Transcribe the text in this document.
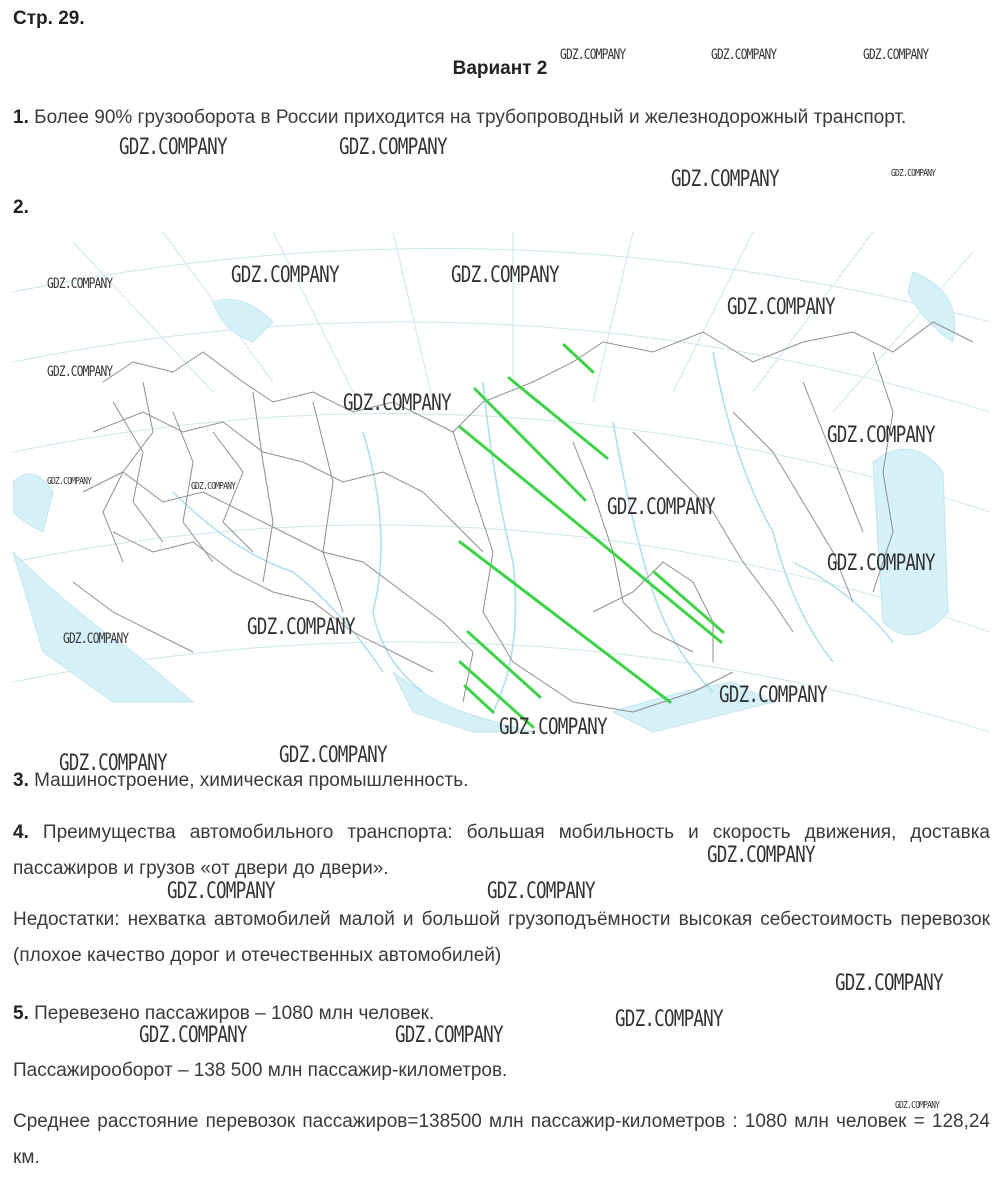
Стр. 29.
Вариант 2
1. Более 90% грузооборота в России приходится на трубопроводный и железнодорожный транспорт.
2.
3. Машиностроение, химическая промышленность.
4. Преимущества автомобильного транспорта: большая мобильность и скорость движения, доставка пассажиров и грузов «от двери до двери».
Недостатки: нехватка автомобилей малой и большой грузоподъёмности высокая себестоимость перевозок (плохое качество дорог и отечественных автомобилей)
5. Перевезено пассажиров – 1080 млн человек.
Пассажирооборот – 138 500 млн пассажир-километров.
Среднее расстояние перевозок пассажиров=138500 млн пассажир-километров : 1080 млн человек = 128,24 км.
GDZ.COMPANY	GDZ.COMPANY	GDZ.COMPANY
GDZ.COMPANY	GDZ.COMPANY
GDZ.COMPANY	GDZ.COMPANY
GDZ.COMPANY	GDZ.COMPANY
GDZ.COMPANY
GDZ.COMPANY
GDZ.COMPANY
GDZ.COMPANY
GDZ.COMPANY
GDZ.COMPANY	GDZ.COMPANY
GDZ.COMPANY
GDZ.COMPANY
GDZ.COMPANY
GDZ.COMPANY
GDZ.COMPANY
GDZ.COMPANY
GDZ.COMPANY
GDZ.COMPANY
GDZ.COMPANY
GDZ.COMPANY	GDZ.COMPANY
GDZ.COMPANY
GDZ.COMPANY
GDZ.COMPANY	GDZ.COMPANY
GDZ.COMPANY
